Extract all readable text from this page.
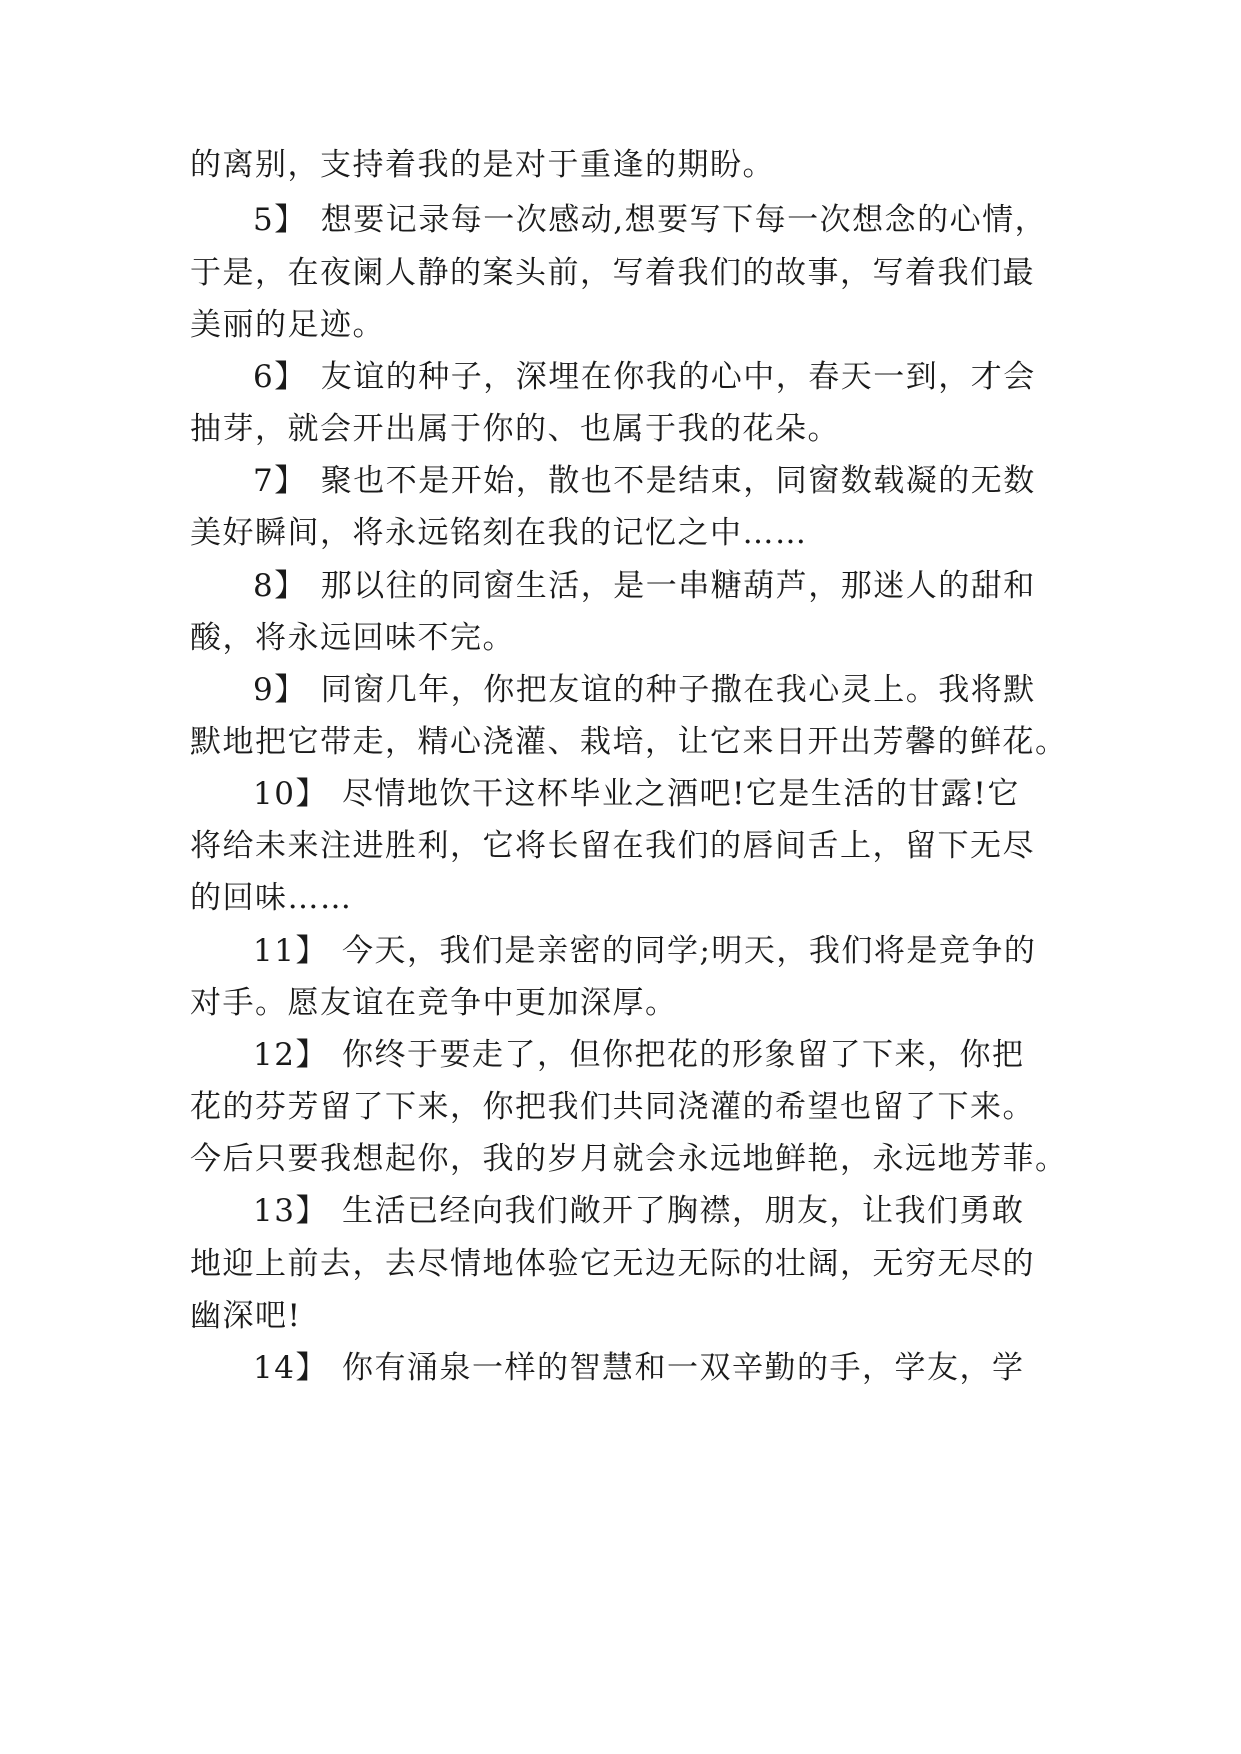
的离别，支持着我的是对于重逢的期盼。
5】 想要记录每一次感动,想要写下每一次想念的心情，
于是，在夜阑人静的案头前，写着我们的故事，写着我们最
美丽的足迹。
6】 友谊的种子，深埋在你我的心中，春天一到，才会
抽芽，就会开出属于你的、也属于我的花朵。
7】 聚也不是开始，散也不是结束，同窗数载凝的无数
美好瞬间，将永远铭刻在我的记忆之中……
8】 那以往的同窗生活，是一串糖葫芦，那迷人的甜和
酸，将永远回味不完。
9】 同窗几年，你把友谊的种子撒在我心灵上。我将默
默地把它带走，精心浇灌、栽培，让它来日开出芳馨的鲜花。
10】 尽情地饮干这杯毕业之酒吧!它是生活的甘露!它
将给未来注进胜利，它将长留在我们的唇间舌上，留下无尽
的回味……
11】 今天，我们是亲密的同学;明天，我们将是竞争的
对手。愿友谊在竞争中更加深厚。
12】 你终于要走了，但你把花的形象留了下来，你把
花的芬芳留了下来，你把我们共同浇灌的希望也留了下来。
今后只要我想起你，我的岁月就会永远地鲜艳，永远地芳菲。
13】 生活已经向我们敞开了胸襟，朋友，让我们勇敢
地迎上前去，去尽情地体验它无边无际的壮阔，无穷无尽的
幽深吧!
14】 你有涌泉一样的智慧和一双辛勤的手，学友，学
